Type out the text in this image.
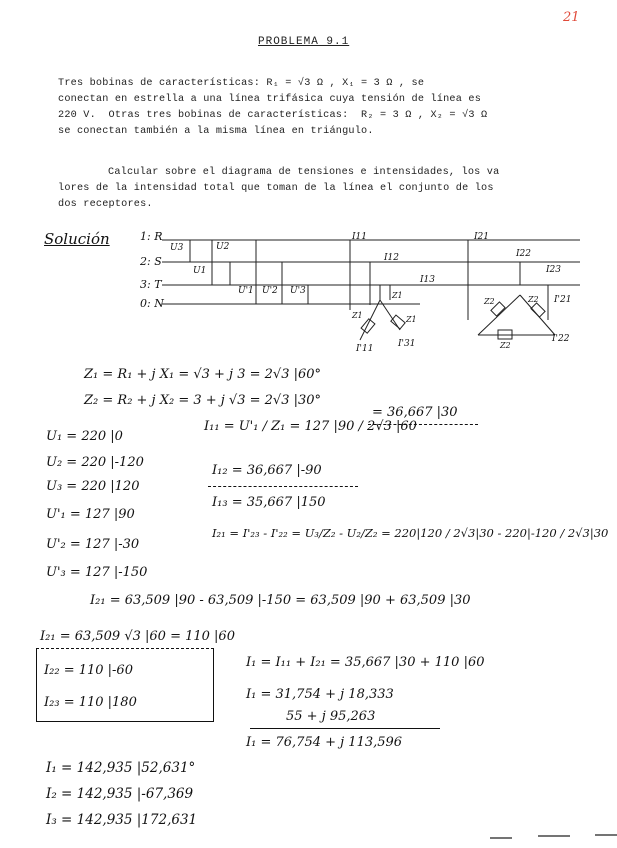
21
PROBLEMA 9.1
Tres bobinas de características: R₁ = √3 Ω , X₁ = 3 Ω , se
conectan en estrella a una línea trifásica cuya tensión de línea es
220 V.  Otras tres bobinas de características:  R₂ = 3 Ω , X₂ = √3 Ω
se conectan también a la misma línea en triángulo.
Calcular sobre el diagrama de tensiones e intensidades, los va
lores de la intensidad total que toman de la línea el conjunto de los
dos receptores.
Solución	1: R
2: S
3: T
0: N
U3	U2
U1
U'1 U'2 U'3
I11
I12
I13
I'11	I'31
I21
I22
I23
I'21
I'22
Z1
Z1	Z1
Z2	Z2
Z2
Z₁ = R₁ + j X₁ = √3 + j 3 = 2√3 |60°
Z₂ = R₂ + j X₂ = 3 + j √3 = 2√3 |30°
I₁₁ = U'₁ / Z₁ = 127 |90 / 2√3 |60
= 36,667 |30
U₁ = 220 |0
U₂ = 220 |-120
U₃ = 220 |120
U'₁ = 127 |90
U'₂ = 127 |-30
U'₃ = 127 |-150
I₁₂ = 36,667 |-90
I₁₃ = 35,667 |150
I₂₁ = I'₂₃ - I'₂₂ = U₃/Z₂ - U₂/Z₂ = 220|120 / 2√3|30 - 220|-120 / 2√3|30
I₂₁ = 63,509 |90 - 63,509 |-150 = 63,509 |90 + 63,509 |30
I₂₁ = 63,509 √3 |60 = 110 |60
I₂₂ = 110 |-60
I₂₃ = 110 |180
I₁ = I₁₁ + I₂₁ = 35,667 |30 + 110 |60
I₁ = 31,754 + j 18,333
55 + j 95,263
I₁ = 76,754 + j 113,596
I₁ = 142,935 |52,631°
I₂ = 142,935 |-67,369
I₃ = 142,935 |172,631
